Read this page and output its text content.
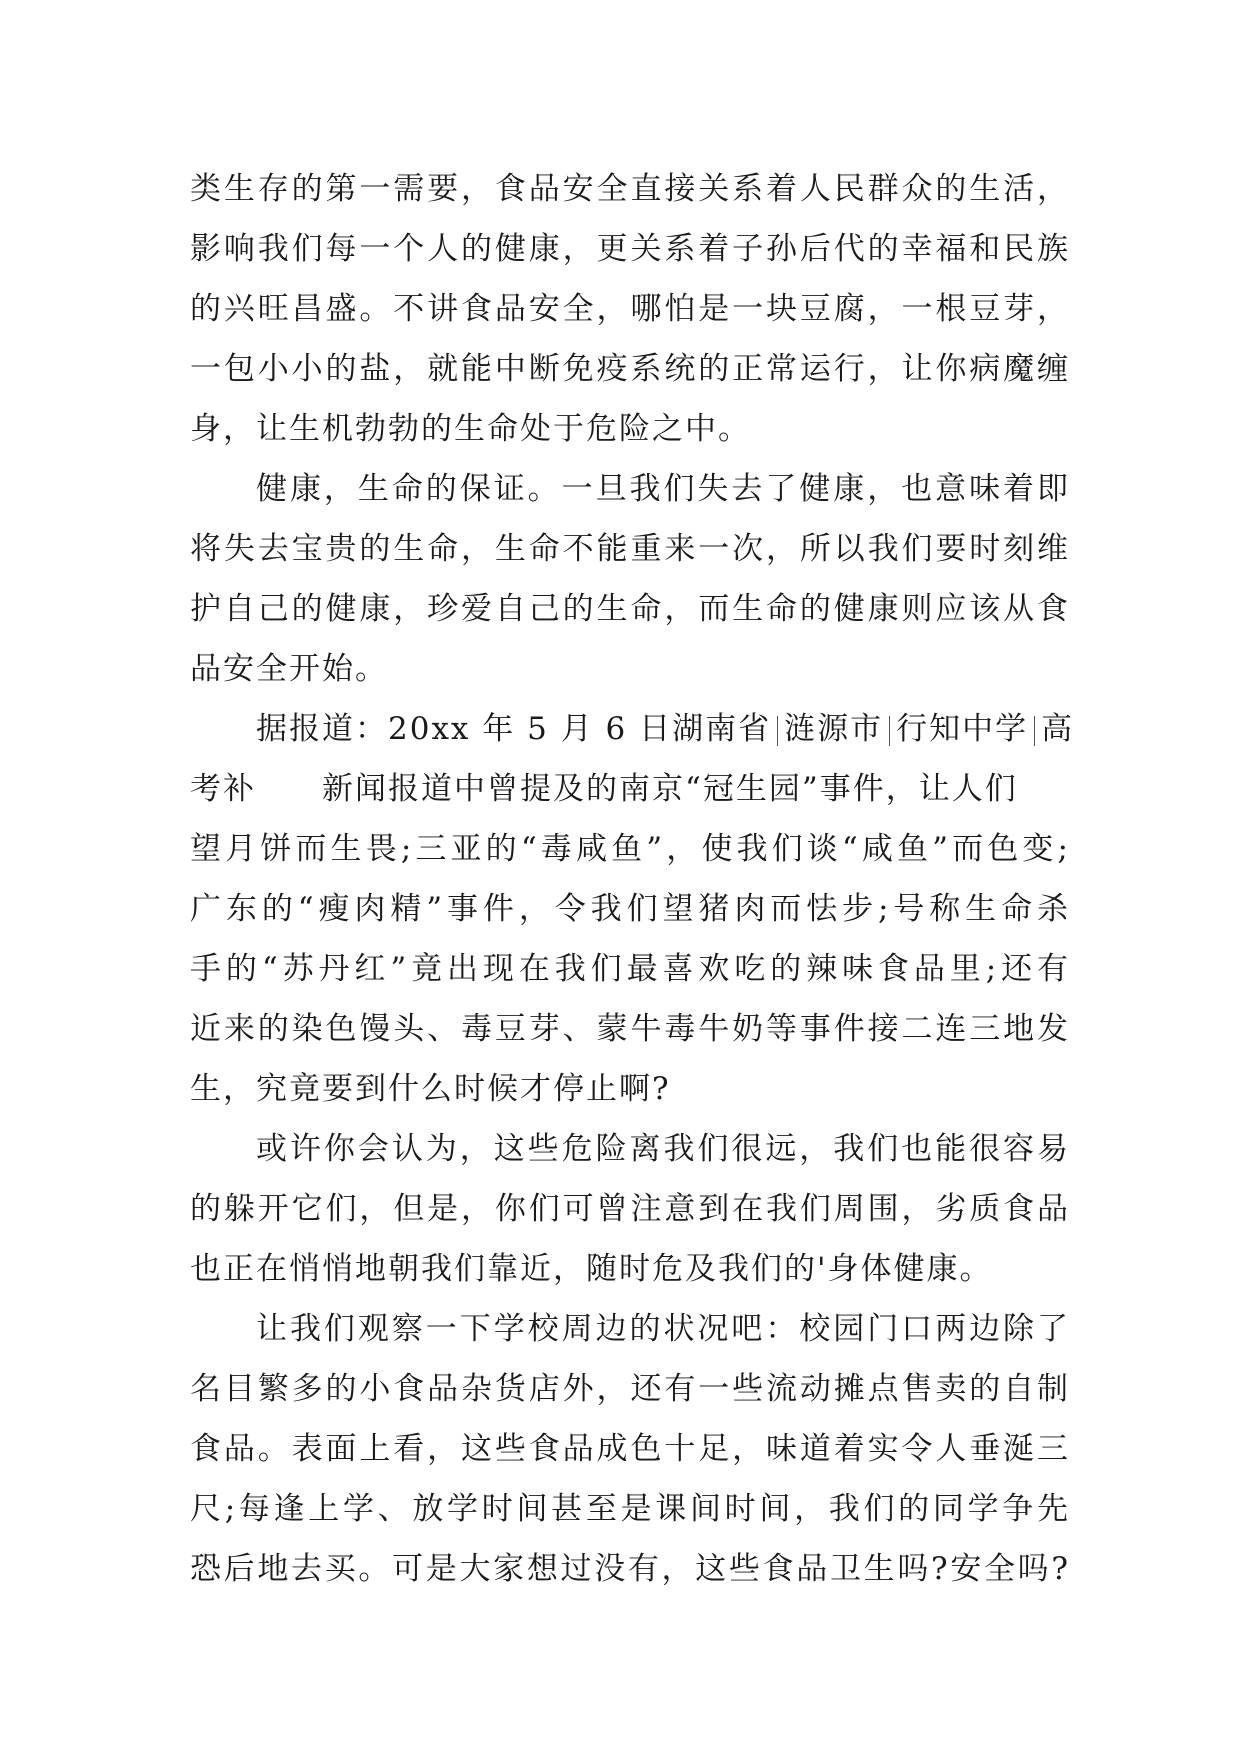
类生存的第一需要，食品安全直接关系着人民群众的生活，
影响我们每一个人的健康，更关系着子孙后代的幸福和民族
的兴旺昌盛。不讲食品安全，哪怕是一块豆腐，一根豆芽，
一包小小的盐，就能中断免疫系统的正常运行，让你病魔缠
身，让生机勃勃的生命处于危险之中。
健康，生命的保证。一旦我们失去了健康，也意味着即
将失去宝贵的生命，生命不能重来一次，所以我们要时刻维
护自己的健康，珍爱自己的生命，而生命的健康则应该从食
品安全开始。
据报道：20xx 年 5 月 6 日湖南省 涟源市 行知中学 高
考补 新闻报道中曾提及的南京“冠生园”事件，让人们
望月饼而生畏;三亚的“毒咸鱼”，使我们谈“咸鱼”而色变;
广东的“瘦肉精”事件，令我们望猪肉而怯步;号称生命杀
手的“苏丹红”竟出现在我们最喜欢吃的辣味食品里;还有
近来的染色馒头、毒豆芽、蒙牛毒牛奶等事件接二连三地发
生，究竟要到什么时候才停止啊?
或许你会认为，这些危险离我们很远，我们也能很容易
的躲开它们，但是，你们可曾注意到在我们周围，劣质食品
也正在悄悄地朝我们靠近，随时危及我们的'身体健康。
让我们观察一下学校周边的状况吧：校园门口两边除了
名目繁多的小食品杂货店外，还有一些流动摊点售卖的自制
食品。表面上看，这些食品成色十足，味道着实令人垂涎三
尺;每逢上学、放学时间甚至是课间时间，我们的同学争先
恐后地去买。可是大家想过没有，这些食品卫生吗?安全吗?
